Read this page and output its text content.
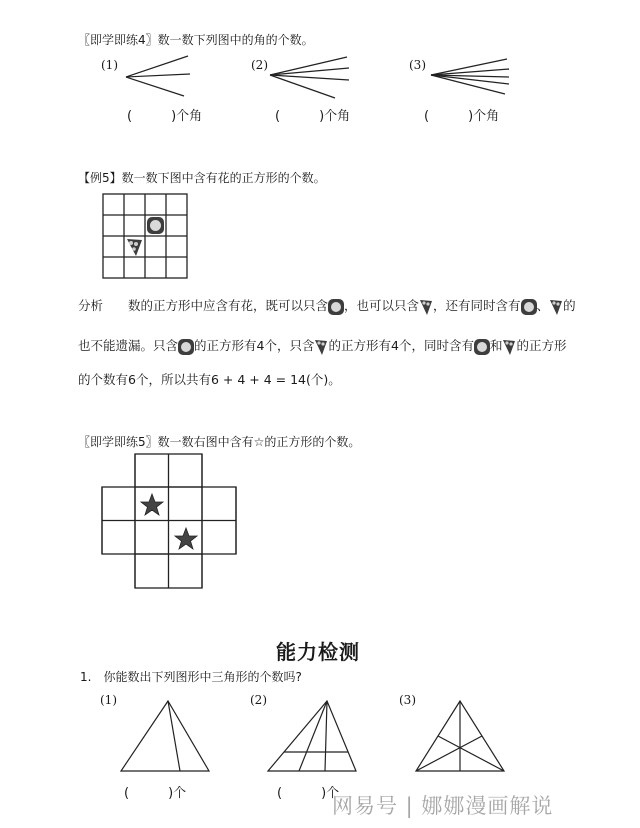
〖即学即练4〗数一数下列图中的角的个数。
(1)	(2)	(3)
(　　　)个角	(　　　)个角	(　　　)个角
【例5】数一数下图中含有花的正方形的个数。
分析　　数的正方形中应含有花，既可以只含 ，也可以只含 ，还有同时含有 、 的
也不能遗漏。只含 的正方形有4个，只含 的正方形有4个，同时含有 和 的正方形
的个数有6个，所以共有6 + 4 + 4 = 14(个)。
〖即学即练5〗数一数右图中含有☆的正方形的个数。
能力检测
1.　你能数出下列图形中三角形的个数吗?
(1)	(2)	(3)
(　　　)个	(　　　)个
网易号 | 娜娜漫画解说
